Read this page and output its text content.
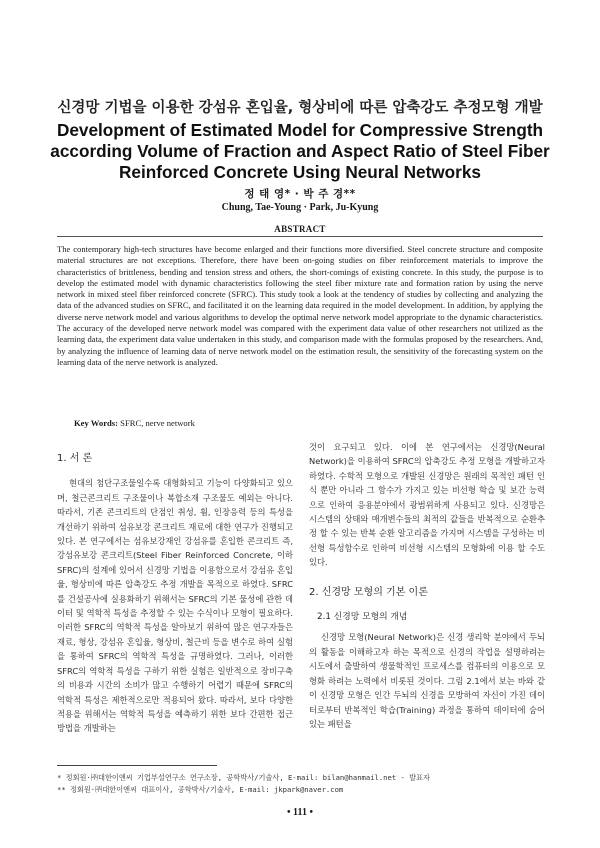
신경망 기법을 이용한 강섬유 혼입율, 형상비에 따른 압축강도 추정모형 개발
Development of Estimated Model for Compressive Strength according Volume of Fraction and Aspect Ratio of Steel Fiber Reinforced Concrete Using Neural Networks
정 태 영* · 박 주 경**
Chung, Tae-Young · Park, Ju-Kyung
ABSTRACT
The contemporary high-tech structures have become enlarged and their functions more diversified. Steel concrete structure and composite material structures are not exceptions. Therefore, there have been on-going studies on fiber reinforcement materials to improve the characteristics of brittleness, bending and tension stress and others, the short-comings of existing concrete. In this study, the purpose is to develop the estimated model with dynamic characteristics following the steel fiber mixture rate and formation ration by using the nerve network in mixed steel fiber reinforced concrete (SFRC). This study took a look at the tendency of studies by collecting and analyzing the data of the advanced studies on SFRC, and facilitated it on the learning data required in the model development. In addition, by applying the diverse nerve network model and various algorithms to develop the optimal nerve network model appropriate to the dynamic characteristics. The accuracy of the developed nerve network model was compared with the experiment data value of other researchers not utilized as the learning data, the experiment data value undertaken in this study, and comparison made with the formulas proposed by the researchers. And, by analyzing the influence of learning data of nerve network model on the estimation result, the sensitivity of the forecasting system on the learning data of the nerve network is analyzed.
Key Words: SFRC, nerve network
1. 서 론

현대의 첨단구조물일수록 대형화되고 기능이 다양화되고 있으며, 철근콘크리트 구조물이나 복합소재 구조물도 예외는 아니다. 따라서, 기존 콘크리트의 단점인 취성, 휨, 인장응력 등의 특성을 개선하기 위하여 섬유보강 콘크리트 재료에 대한 연구가 진행되고 있다. 본 연구에서는 섬유보강재인 강섬유를 혼입한 콘크리트 즉, 강섬유보강 콘크리트(Steel Fiber Reinforced Concrete, 이하 SFRC)의 설계에 있어서 신경망 기법을 이용함으로서 강섬유 혼입율, 형상비에 따른 압축강도 추정 개발을 목적으로 하였다. SFRC를 건설공사에 실용화하기 위해서는 SFRC의 기본 물성에 관한 데이터 및 역학적 특성을 추정할 수 있는 수식이나 모형이 필요하다. 이러한 SFRC의 역학적 특성을 알아보기 위하여 많은 연구자들은 재료, 형상, 강섬유 혼입율, 형상비, 철근비 등을 변수로 하여 실험을 통하여 SFRC의 역학적 특성을 규명하였다. 그러나, 이러한 SFRC의 역학적 특성을 구하기 위한 실험은 일반적으로 장비구축의 비용과 시간의 소비가 많고 수행하기 어렵기 때문에 SFRC의 역학적 특성은 제한적으로만 적용되어 왔다. 따라서, 보다 다양한 적용을 위해서는 역학적 특성을 예측하기 위한 보다 간편한 접근 방법을 개발하는

것이 요구되고 있다. 이에 본 연구에서는 신경망(Neural Network)을 이용하여 SFRC의 압축강도 추정 모형을 개발하고자 하였다. 수학적 모형으로 개발된 신경망은 원래의 목적인 패턴 인식 뿐만 아니라 그 함수가 가지고 있는 비선형 학습 및 보간 능력으로 인하여 응용분야에서 광범위하게 사용되고 있다. 신경망은 시스템의 상태와 매개변수들의 최적의 값들을 반복적으로 순환추정 할 수 있는 반복 순환 알고리즘을 가지며 시스템을 구성하는 비선형 특성함수로 인하여 비선형 시스템의 모형화에 이용 할 수도 있다.

2. 신경망 모형의 기본 이론
2.1 신경망 모형의 개념

신경망 모형(Neural Network)은 신경 생리학 분야에서 두뇌의 활동을 이해하고자 하는 목적으로 신경의 작업을 설명하려는 시도에서 출발하여 생물학적인 프로세스를 컴퓨터의 이용으로 모형화 하려는 노력에서 비롯된 것이다. 그림 2.1에서 보는 바와 같이 신경망 모형은 인간 두뇌의 신경을 모방하여 자신이 가진 데이터로부터 반복적인 학습(Training) 과정을 통하여 데이터에 숨어 있는 패턴을

* 정회원·㈜대한이앤씨 기업부설연구소 연구소장, 공학박사/기술사, E-mail: bilan@hanmail.net - 발표자
** 정회원·㈜대한이앤씨 대표이사, 공학박사/기술사, E-mail: jkpark@naver.com
• 111 •
